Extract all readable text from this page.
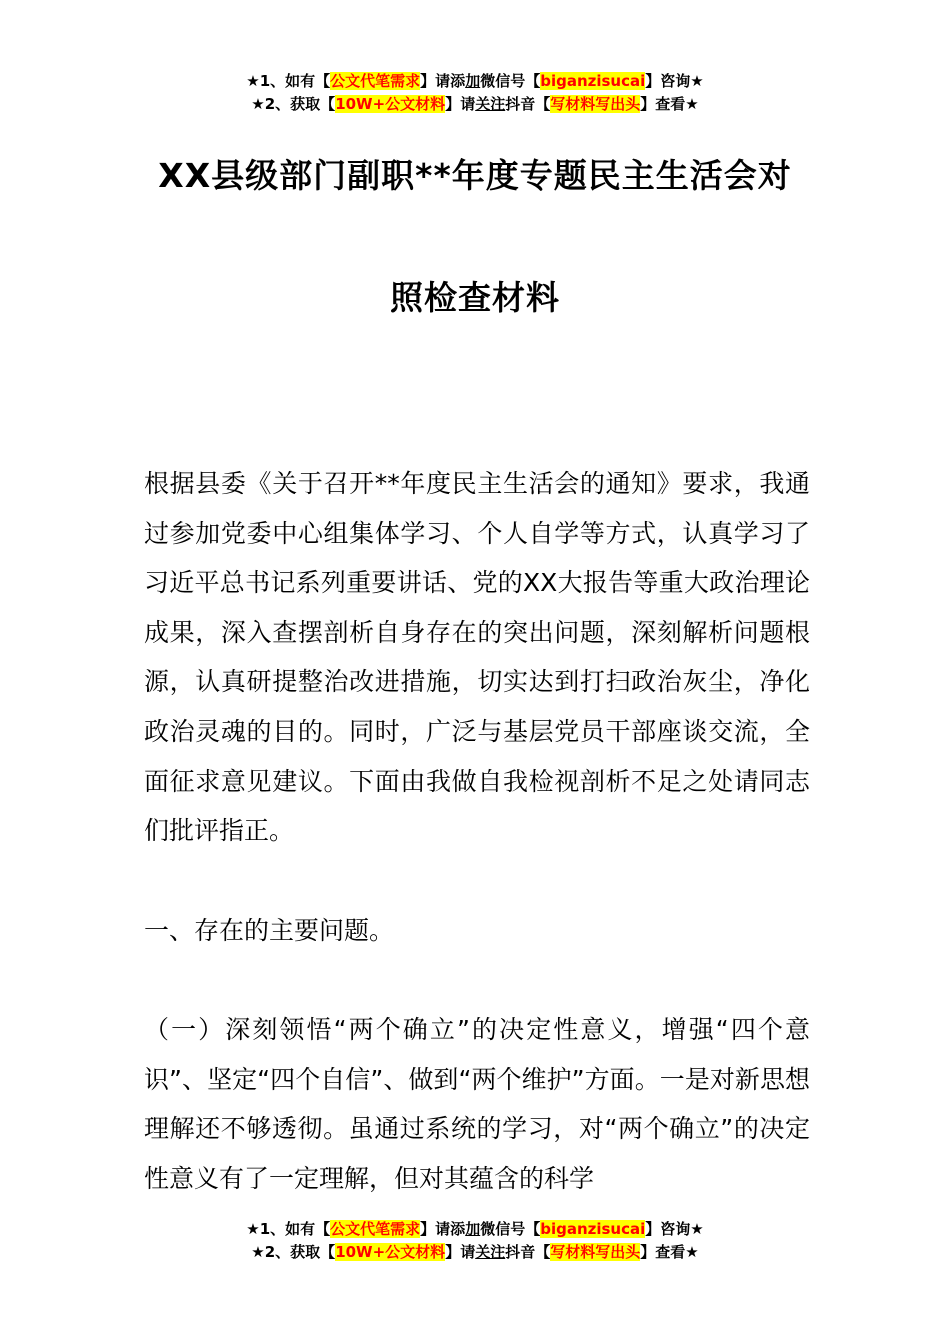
★1、如有【公文代笔需求】请添加微信号【biganzisucai】咨询★
★2、获取【10W+公文材料】请关注抖音【写材料写出头】查看★
XX县级部门副职**年度专题民主生活会对
照检查材料
根据县委《关于召开**年度民主生活会的通知》要求，我通过参加党委中心组集体学习、个人自学等方式，认真学习了习近平总书记系列重要讲话、党的XX大报告等重大政治理论成果，深入查摆剖析自身存在的突出问题，深刻解析问题根源，认真研提整治改进措施，切实达到打扫政治灰尘，净化政治灵魂的目的。同时，广泛与基层党员干部座谈交流，全面征求意见建议。下面由我做自我检视剖析不足之处请同志们批评指正。
一、存在的主要问题。
（一）深刻领悟“两个确立”的决定性意义，增强“四个意识”、坚定“四个自信”、做到“两个维护”方面。一是对新思想理解还不够透彻。虽通过系统的学习，对“两个确立”的决定性意义有了一定理解，但对其蕴含的科学
★1、如有【公文代笔需求】请添加微信号【biganzisucai】咨询★
★2、获取【10W+公文材料】请关注抖音【写材料写出头】查看★
